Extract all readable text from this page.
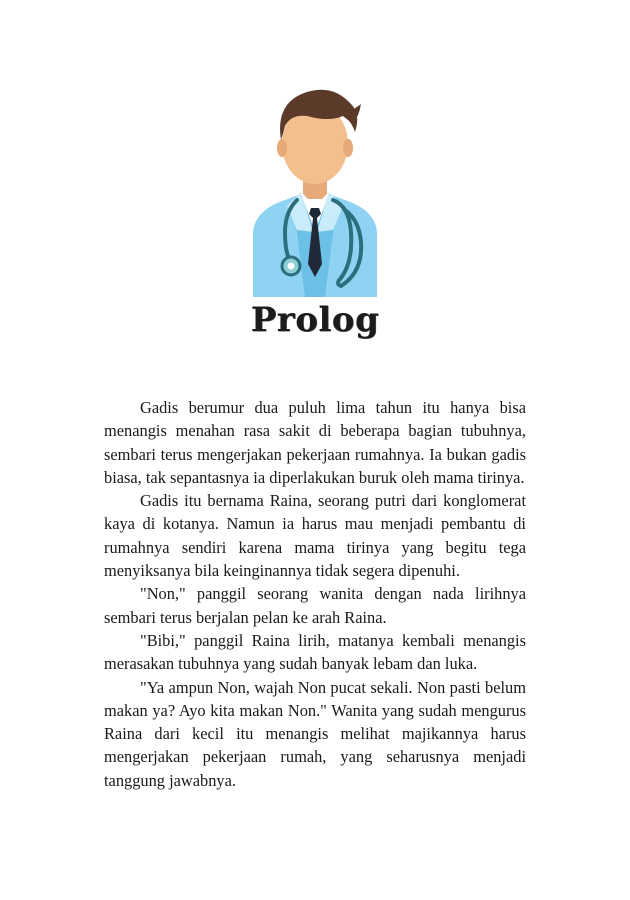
Prolog

Gadis berumur dua puluh lima tahun itu hanya bisa menangis menahan rasa sakit di beberapa bagian tubuhnya, sembari terus mengerjakan pekerjaan rumahnya. Ia bukan gadis biasa, tak sepantasnya ia diperlakukan buruk oleh mama tirinya.

Gadis itu bernama Raina, seorang putri dari konglomerat kaya di kotanya. Namun ia harus mau menjadi pembantu di rumahnya sendiri karena mama tirinya yang begitu tega menyiksanya bila keinginannya tidak segera dipenuhi.

"Non," panggil seorang wanita dengan nada lirihnya sembari terus berjalan pelan ke arah Raina.

"Bibi," panggil Raina lirih, matanya kembali menangis merasakan tubuhnya yang sudah banyak lebam dan luka.

"Ya ampun Non, wajah Non pucat sekali. Non pasti belum makan ya? Ayo kita makan Non." Wanita yang sudah mengurus Raina dari kecil itu menangis melihat majikannya harus mengerjakan pekerjaan rumah, yang seharusnya menjadi tanggung jawabnya.
